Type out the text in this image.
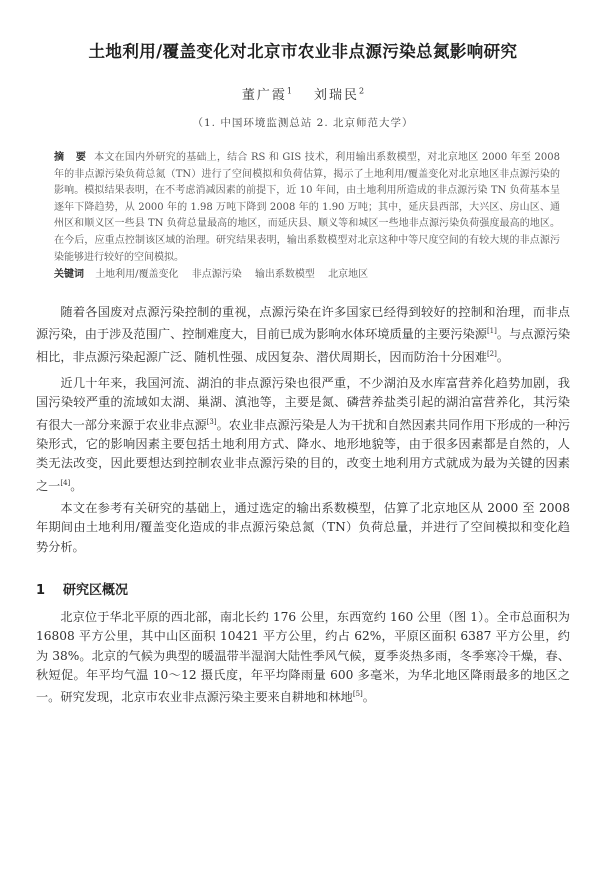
土地利用/覆盖变化对北京市农业非点源污染总氮影响研究
董广霞$^1$ 刘瑞民$^2$
（1. 中国环境监测总站 2. 北京师范大学）
摘 要 本文在国内外研究的基础上，结合 RS 和 GIS 技术，利用输出系数模型，对北京地区 2000 年至 2008 年的非点源污染负荷总氮（TN）进行了空间模拟和负荷估算，揭示了土地利用/覆盖变化对北京地区非点源污染的影响。模拟结果表明，在不考虑消减因素的前提下，近 10 年间，由土地利用所造成的非点源污染 TN 负荷基本呈逐年下降趋势，从 2000 年的 1.98 万吨下降到 2008 年的 1.90 万吨；其中，延庆县西部，大兴区、房山区、通州区和顺义区一些县 TN 负荷总量最高的地区，而延庆县、顺义等和城区一些地非点源污染负荷强度最高的地区。在今后，应重点控制该区域的治理。研究结果表明，输出系数模型对北京这种中等尺度空间的有较大规的非点源污染能够进行较好的空间模拟。
关键词 土地利用/覆盖变化 非点源污染 输出系数模型 北京地区

随着各国废对点源污染控制的重视，点源污染在许多国家已经得到较好的控制和治理，而非点源污染，由于涉及范围广、控制难度大，目前已成为影响水体环境质量的主要污染源[1]。与点源污染相比，非点源污染起源广泛、随机性强、成因复杂、潜伏周期长，因而防治十分困难[2]。

近几十年来，我国河流、湖泊的非点源污染也很严重，不少湖泊及水库富营养化趋势加剧，我国污染较严重的流域如太湖、巢湖、滇池等，主要是氮、磷营养盐类引起的湖泊富营养化，其污染有很大一部分来源于农业非点源[3]。农业非点源污染是人为干扰和自然因素共同作用下形成的一种污染形式，它的影响因素主要包括土地利用方式、降水、地形地貌等，由于很多因素都是自然的，人类无法改变，因此要想达到控制农业非点源污染的目的，改变土地利用方式就成为最为关键的因素之一[4]。

本文在参考有关研究的基础上，通过选定的输出系数模型，估算了北京地区从 2000 至 2008 年期间由土地利用/覆盖变化造成的非点源污染总氮（TN）负荷总量，并进行了空间模拟和变化趋势分析。

1 研究区概况

北京位于华北平原的西北部，南北长约 176 公里，东西宽约 160 公里（图 1）。全市总面积为 16808 平方公里，其中山区面积 10421 平方公里，约占 62%，平原区面积 6387 平方公里，约为 38%。北京的气候为典型的暖温带半湿润大陆性季风气候，夏季炎热多雨，冬季寒冷干燥，春、秋短促。年平均气温 10～12 摄氏度，年平均降雨量 600 多毫米，为华北地区降雨最多的地区之一。研究发现，北京市农业非点源污染主要来自耕地和林地[5]。
